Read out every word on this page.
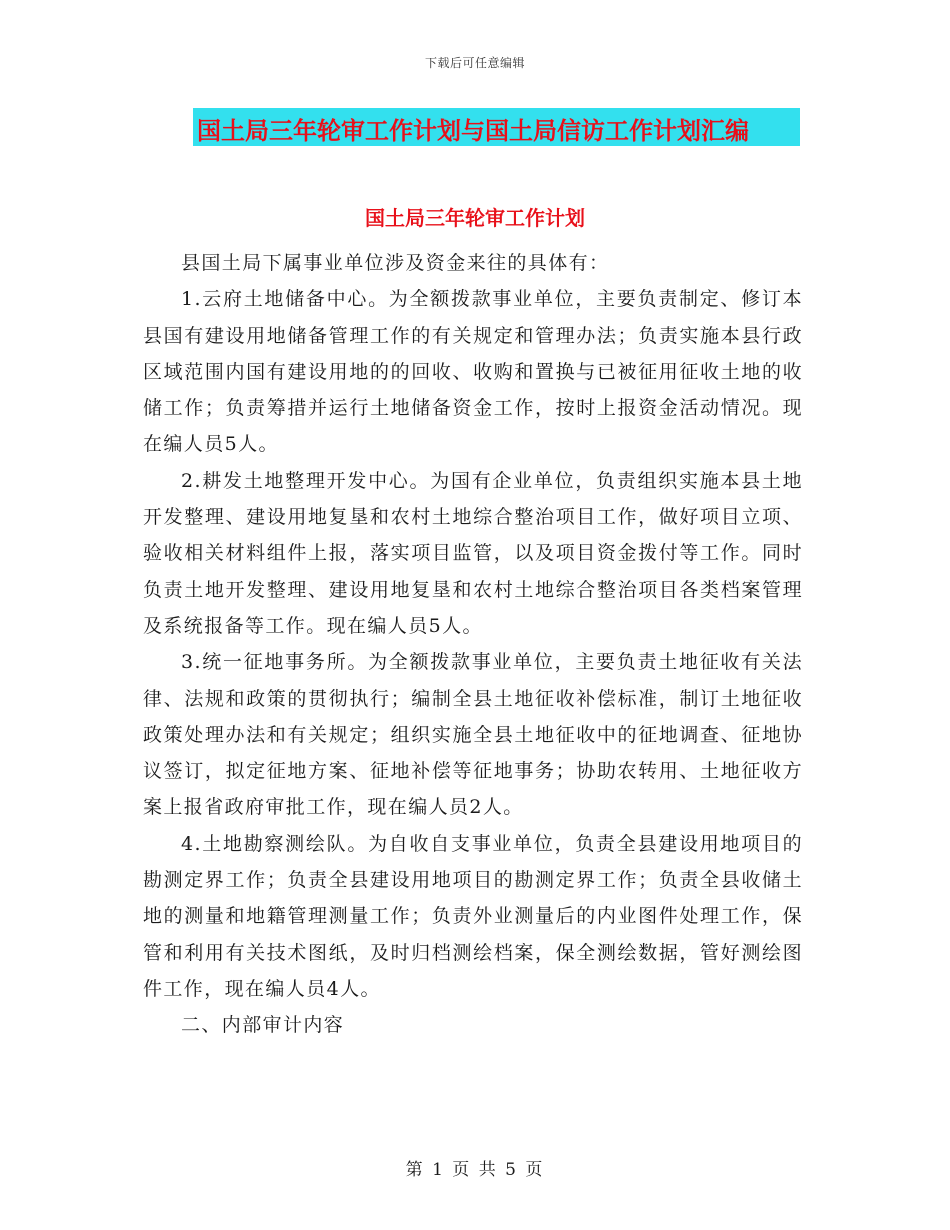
下载后可任意编辑
国土局三年轮审工作计划与国土局信访工作计划汇编
国土局三年轮审工作计划

县国土局下属事业单位涉及资金来往的具体有：

1.云府土地储备中心。为全额拨款事业单位，主要负责制定、修订本县国有建设用地储备管理工作的有关规定和管理办法；负责实施本县行政区域范围内国有建设用地的的回收、收购和置换与已被征用征收土地的收储工作；负责筹措并运行土地储备资金工作，按时上报资金活动情况。现在编人员5人。

2.耕发土地整理开发中心。为国有企业单位，负责组织实施本县土地开发整理、建设用地复垦和农村土地综合整治项目工作，做好项目立项、验收相关材料组件上报，落实项目监管，以及项目资金拨付等工作。同时负责土地开发整理、建设用地复垦和农村土地综合整治项目各类档案管理及系统报备等工作。现在编人员5人。

3.统一征地事务所。为全额拨款事业单位，主要负责土地征收有关法律、法规和政策的贯彻执行；编制全县土地征收补偿标准，制订土地征收政策处理办法和有关规定；组织实施全县土地征收中的征地调查、征地协议签订，拟定征地方案、征地补偿等征地事务；协助农转用、土地征收方案上报省政府审批工作，现在编人员2人。

4.土地勘察测绘队。为自收自支事业单位，负责全县建设用地项目的勘测定界工作；负责全县建设用地项目的勘测定界工作；负责全县收储土地的测量和地籍管理测量工作；负责外业测量后的内业图件处理工作，保管和利用有关技术图纸，及时归档测绘档案，保全测绘数据，管好测绘图件工作，现在编人员4人。

二、内部审计内容

第 1 页 共 5 页
